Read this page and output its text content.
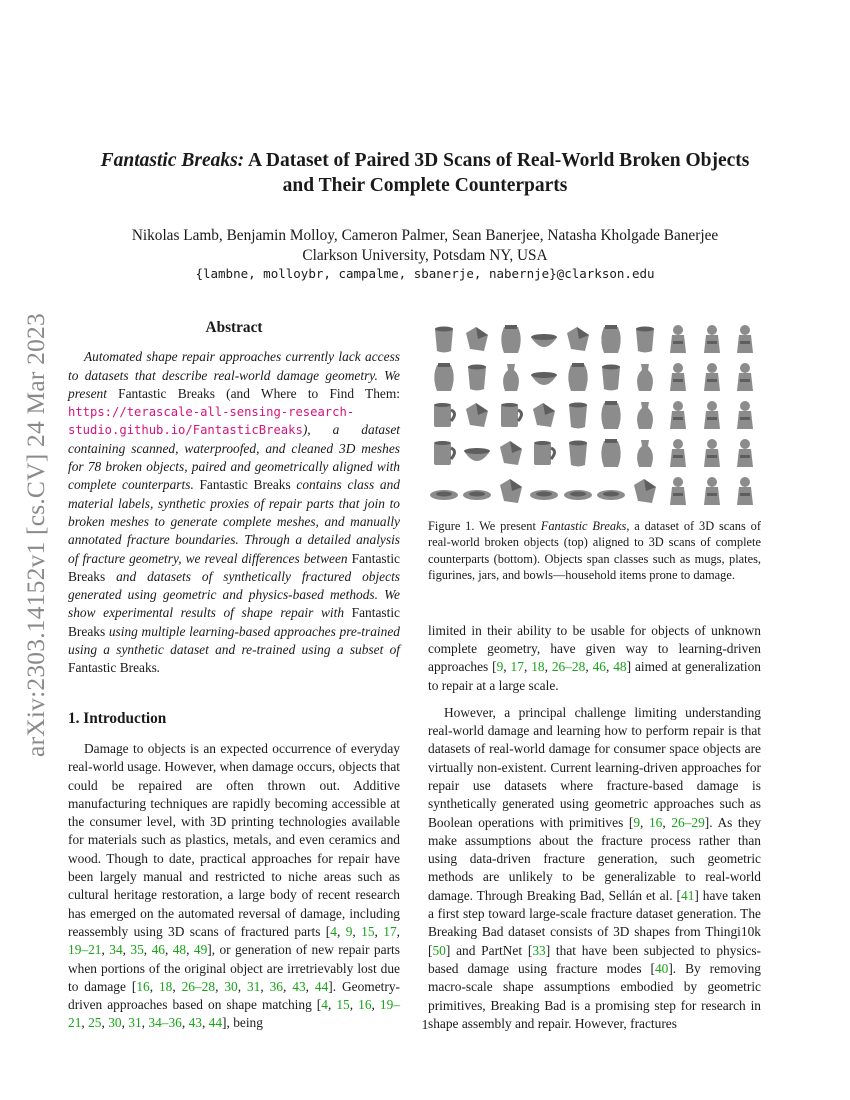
arXiv:2303.14152v1 [cs.CV] 24 Mar 2023
Fantastic Breaks: A Dataset of Paired 3D Scans of Real-World Broken Objects
and Their Complete Counterparts
Nikolas Lamb, Benjamin Molloy, Cameron Palmer, Sean Banerjee, Natasha Kholgade Banerjee
Clarkson University, Potsdam NY, USA
{lambne, molloybr, campalme, sbanerje, nabernje}@clarkson.edu
Abstract

Automated shape repair approaches currently lack access to datasets that describe real-world damage geometry. We present Fantastic Breaks (and Where to Find Them: https://terascale-all-sensing-research-studio.github.io/FantasticBreaks), a dataset containing scanned, waterproofed, and cleaned 3D meshes for 78 broken objects, paired and geometrically aligned with complete counterparts. Fantastic Breaks contains class and material labels, synthetic proxies of repair parts that join to broken meshes to generate complete meshes, and manually annotated fracture boundaries. Through a detailed analysis of fracture geometry, we reveal differences between Fantastic Breaks and datasets of synthetically fractured objects generated using geometric and physics-based methods. We show experimental results of shape repair with Fantastic Breaks using multiple learning-based approaches pre-trained using a synthetic dataset and re-trained using a subset of Fantastic Breaks.

1. Introduction

Damage to objects is an expected occurrence of everyday real-world usage. However, when damage occurs, objects that could be repaired are often thrown out. Additive manufacturing techniques are rapidly becoming accessible at the consumer level, with 3D printing technologies available for materials such as plastics, metals, and even ceramics and wood. Though to date, practical approaches for repair have been largely manual and restricted to niche areas such as cultural heritage restoration, a large body of recent research has emerged on the automated reversal of damage, including reassembly using 3D scans of fractured parts [4, 9, 15, 17, 19–21, 34, 35, 46, 48, 49], or generation of new repair parts when portions of the original object are irretrievably lost due to damage [16, 18, 26–28, 30, 31, 36, 43, 44]. Geometry-driven approaches based on shape matching [4, 15, 16, 19–21, 25, 30, 31, 34–36, 43, 44], being

Figure 1. We present Fantastic Breaks, a dataset of 3D scans of real-world broken objects (top) aligned to 3D scans of complete counterparts (bottom). Objects span classes such as mugs, plates, figurines, jars, and bowls—household items prone to damage.

limited in their ability to be usable for objects of unknown complete geometry, have given way to learning-driven approaches [9, 17, 18, 26–28, 46, 48] aimed at generalization to repair at a large scale.

However, a principal challenge limiting understanding real-world damage and learning how to perform repair is that datasets of real-world damage for consumer space objects are virtually non-existent. Current learning-driven approaches for repair use datasets where fracture-based damage is synthetically generated using geometric approaches such as Boolean operations with primitives [9, 16, 26–29]. As they make assumptions about the fracture process rather than using data-driven fracture generation, such geometric methods are unlikely to be generalizable to real-world damage. Through Breaking Bad, Sellán et al. [41] have taken a first step toward large-scale fracture dataset generation. The Breaking Bad dataset consists of 3D shapes from Thingi10k [50] and PartNet [33] that have been subjected to physics-based damage using fracture modes [40]. By removing macro-scale shape assumptions embodied by geometric primitives, Breaking Bad is a promising step for research in shape assembly and repair. However, fractures

1
